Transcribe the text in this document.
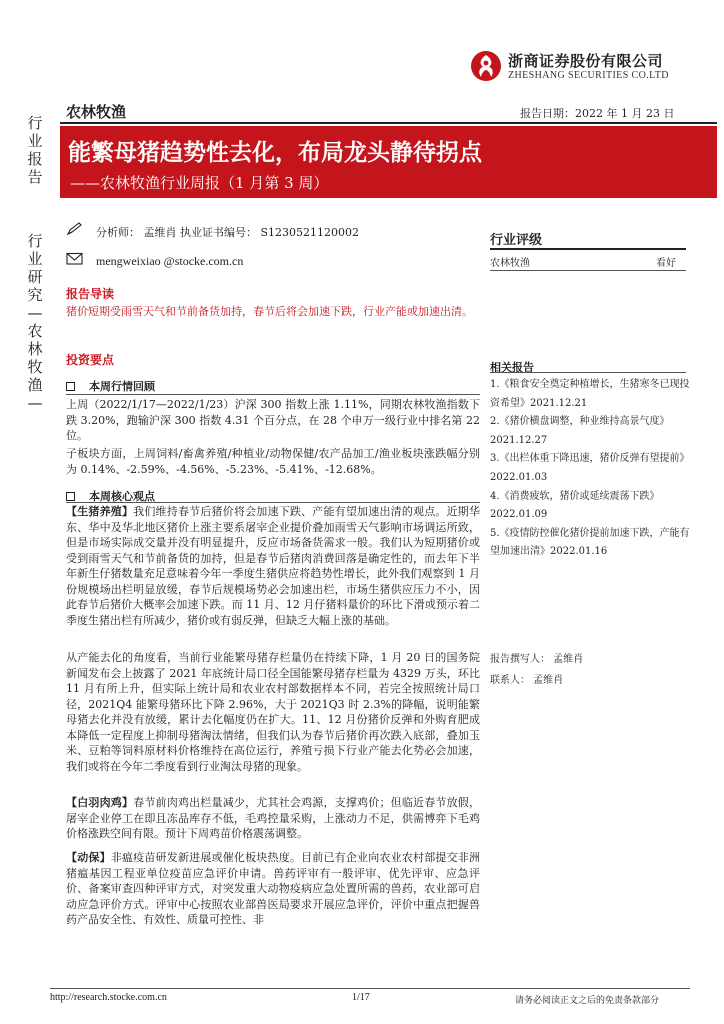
浙商证券股份有限公司
ZHESHANG SECURITIES CO.LTD
行
业
报
告
行
业
研
究
—
农
林
牧
渔
—
农林牧渔	报告日期：2022 年 1 月 23 日
能繁母猪趋势性去化，布局龙头静待拐点
——农林牧渔行业周报（1 月第 3 周）
分析师： 孟维肖 执业证书编号： S1230521120002
mengweixiao @stocke.com.cn
行业评级
农林牧渔	看好
报告导读
猪价短期受雨雪天气和节前备货加持，春节后将会加速下跌，行业产能或加速出清。
投资要点
本周行情回顾
上周（2022/1/17—2022/1/23）沪深 300 指数上涨 1.11%，同期农林牧渔指数下跌 3.20%，跑输沪深 300 指数 4.31 个百分点，在 28 个申万一级行业中排名第 22 位。
子板块方面，上周饲料/畜禽养殖/种植业/动物保健/农产品加工/渔业板块涨跌幅分别为 0.14%、-2.59%、-4.56%、-5.23%、-5.41%、-12.68%。
本周核心观点
【生猪养殖】我们维持春节后猪价将会加速下跌、产能有望加速出清的观点。近期华东、华中及华北地区猪价上涨主要系屠宰企业提价叠加雨雪天气影响市场调运所致，但是市场实际成交量并没有明显提升，反应市场备货需求一般。我们认为短期猪价或受到雨雪天气和节前备货的加持，但是春节后猪肉消费回落是确定性的，而去年下半年新生仔猪数量充足意味着今年一季度生猪供应将趋势性增长，此外我们观察到 1 月份规模场出栏明显放缓，春节后规模场势必会加速出栏，市场生猪供应压力不小，因此春节后猪价大概率会加速下跌。而 11 月、12 月仔猪料量价的环比下滑或预示着二季度生猪出栏有所减少，猪价或有弱反弹，但缺乏大幅上涨的基础。
从产能去化的角度看，当前行业能繁母猪存栏量仍在持续下降，1 月 20 日的国务院新闻发布会上披露了 2021 年底统计局口径全国能繁母猪存栏量为 4329 万头，环比 11 月有所上升，但实际上统计局和农业农村部数据样本不同，若完全按照统计局口径，2021Q4 能繁母猪环比下降 2.96%，大于 2021Q3 时 2.3%的降幅，说明能繁母猪去化并没有放缓，累计去化幅度仍在扩大。11、12 月份猪价反弹和外购育肥成本降低一定程度上抑制母猪淘汰情绪，但我们认为春节后猪价再次跌入底部，叠加玉米、豆粕等饲料原材料价格维持在高位运行，养殖亏损下行业产能去化势必会加速，我们或将在今年二季度看到行业淘汰母猪的现象。
【白羽肉鸡】春节前肉鸡出栏量减少，尤其社会鸡源，支撑鸡价；但临近春节放假，屠宰企业停工在即且冻品库存不低，毛鸡控量采购，上涨动力不足，供需博弈下毛鸡价格涨跌空间有限。预计下周鸡苗价格震荡调整。
【动保】非瘟疫苗研发新进展或催化板块热度。目前已有企业向农业农村部提交非洲猪瘟基因工程亚单位疫苗应急评价申请。兽药评审有一般评审、优先评审、应急评价、备案审查四种评审方式，对突发重大动物疫病应急处置所需的兽药，农业部可启动应急评价方式。评审中心按照农业部兽医局要求开展应急评价，评价中重点把握兽药产品安全性、有效性、质量可控性、非
相关报告

1.《粮食安全奠定种植增长，生猪寒冬已现投资希望》2021.12.21

2.《猪价横盘调整，种业维持高景气度》2021.12.27

3.《出栏体重下降迅速，猪价反弹有望提前》2022.01.03

4.《消费疲软，猪价或延续震荡下跌》2022.01.09

5.《疫情防控催化猪价提前加速下跌，产能有望加速出清》2022.01.16

报告撰写人： 孟维肖
联系人： 孟维肖
http://research.stocke.com.cn	1/17	请务必阅读正文之后的免责条款部分
